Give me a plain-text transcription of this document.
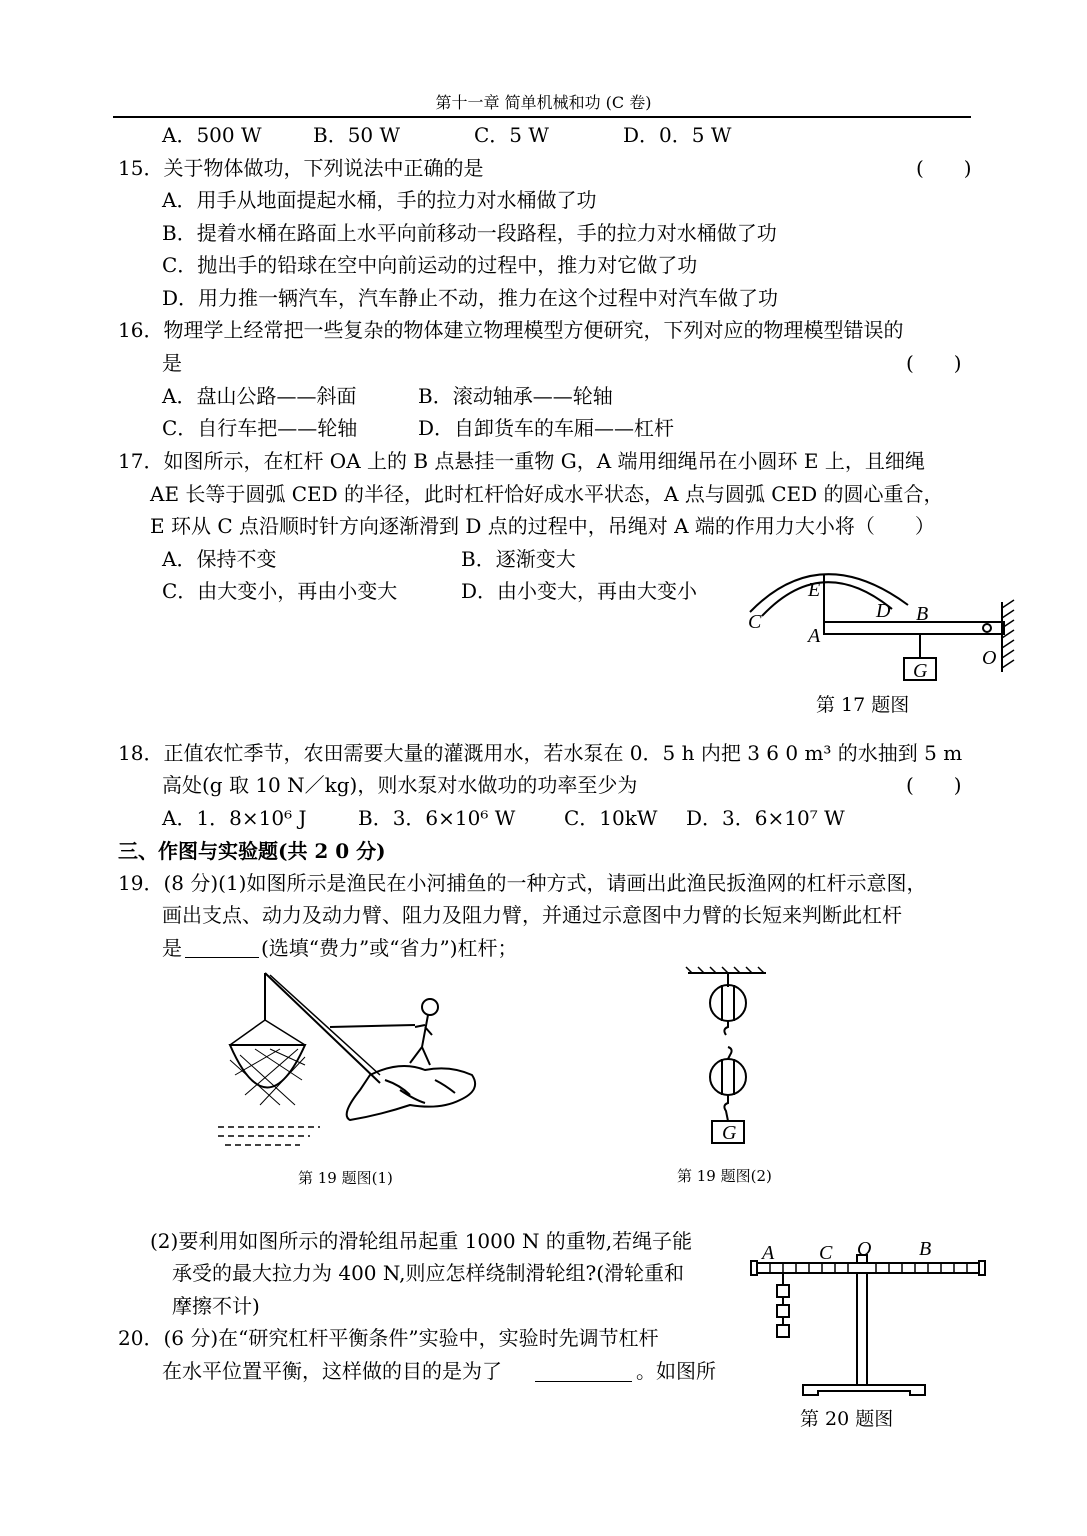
第十一章 简单机械和功 (C 卷)
A．500 W	B．50 W	C．5 W	D．0．5 W
15．关于物体做功，下列说法中正确的是	(　　)
A．用手从地面提起水桶，手的拉力对水桶做了功
B．提着水桶在路面上水平向前移动一段路程，手的拉力对水桶做了功
C．抛出手的铅球在空中向前运动的过程中，推力对它做了功
D．用力推一辆汽车，汽车静止不动，推力在这个过程中对汽车做了功
16．物理学上经常把一些复杂的物体建立物理模型方便研究，下列对应的物理模型错误的
是	(　　)
A．盘山公路——斜面	B．滚动轴承——轮轴
C．自行车把——轮轴	D．自卸货车的车厢——杠杆
17．如图所示，在杠杆 OA 上的 B 点悬挂一重物 G，A 端用细绳吊在小圆环 E 上，且细绳
AE 长等于圆弧 CED 的半径，此时杠杆恰好成水平状态，A 点与圆弧 CED 的圆心重合，
E 环从 C 点沿顺时针方向逐渐滑到 D 点的过程中，吊绳对 A 端的作用力大小将（　　）
A．保持不变	B．逐渐变大
C．由大变小，再由小变大	D．由小变大，再由大变小	E
C	D B
A
G
O
第 17 题图
18．正值农忙季节，农田需要大量的灌溉用水，若水泵在 0．5 h 内把 3 6 0 m³ 的水抽到 5 m
高处(g 取 10 N／kg)，则水泵对水做功的功率至少为	(　　)
A．1．8×10⁶ J	B．3．6×10⁶ W C．10kW D．3．6×10⁷ W
三、作图与实验题(共 2 0 分)
19．(8 分)(1)如图所示是渔民在小河捕鱼的一种方式，请画出此渔民扳渔网的杠杆示意图，
画出支点、动力及动力臂、阻力及阻力臂，并通过示意图中力臂的长短来判断此杠杆
是	(选填“费力”或“省力”)杠杆；
第 19 题图(1)
G
第 19 题图(2)
(2)要利用如图所示的滑轮组吊起重 1000 N 的重物,若绳子能
承受的最大拉力为 400 N,则应怎样绕制滑轮组?(滑轮重和
摩擦不计)
20．(6 分)在“研究杠杆平衡条件”实验中，实验时先调节杠杆
在水平位置平衡，这样做的目的是为了	。如图所
A C O B
第 20 题图
